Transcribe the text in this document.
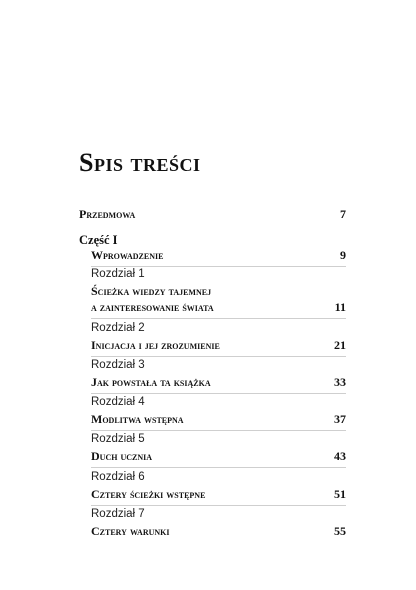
Spis treści
Przedmowa	7
Część I
Wprowadzenie	9
Rozdział 1
Ścieżka wiedzy tajemnej
a zainteresowanie świata	11
Rozdział 2
Inicjacja i jej zrozumienie	21
Rozdział 3
Jak powstała ta książka	33
Rozdział 4
Modlitwa wstępna	37
Rozdział 5
Duch ucznia	43
Rozdział 6
Cztery ścieżki wstępne	51
Rozdział 7
Cztery warunki	55
